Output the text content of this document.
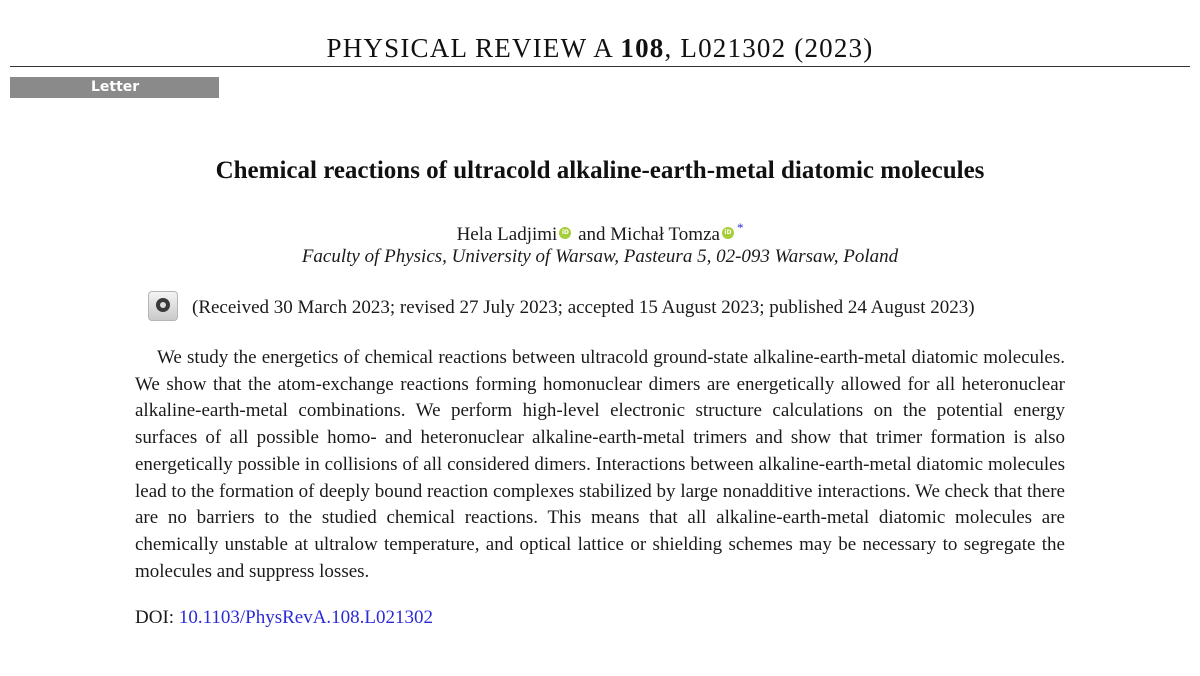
PHYSICAL REVIEW A 108, L021302 (2023)
Letter
Chemical reactions of ultracold alkaline-earth-metal diatomic molecules
Hela Ladjimi iD and Michał Tomza iD *
Faculty of Physics, University of Warsaw, Pasteura 5, 02-093 Warsaw, Poland
(Received 30 March 2023; revised 27 July 2023; accepted 15 August 2023; published 24 August 2023)

We study the energetics of chemical reactions between ultracold ground-state alkaline-earth-metal diatomic molecules. We show that the atom-exchange reactions forming homonuclear dimers are energetically allowed for all heteronuclear alkaline-earth-metal combinations. We perform high-level electronic structure calculations on the potential energy surfaces of all possible homo- and heteronuclear alkaline-earth-metal trimers and show that trimer formation is also energetically possible in collisions of all considered dimers. Interactions between alkaline-earth-metal diatomic molecules lead to the formation of deeply bound reaction complexes stabilized by large nonadditive interactions. We check that there are no barriers to the studied chemical reactions. This means that all alkaline-earth-metal diatomic molecules are chemically unstable at ultralow temperature, and optical lattice or shielding schemes may be necessary to segregate the molecules and suppress losses.

DOI: 10.1103/PhysRevA.108.L021302
